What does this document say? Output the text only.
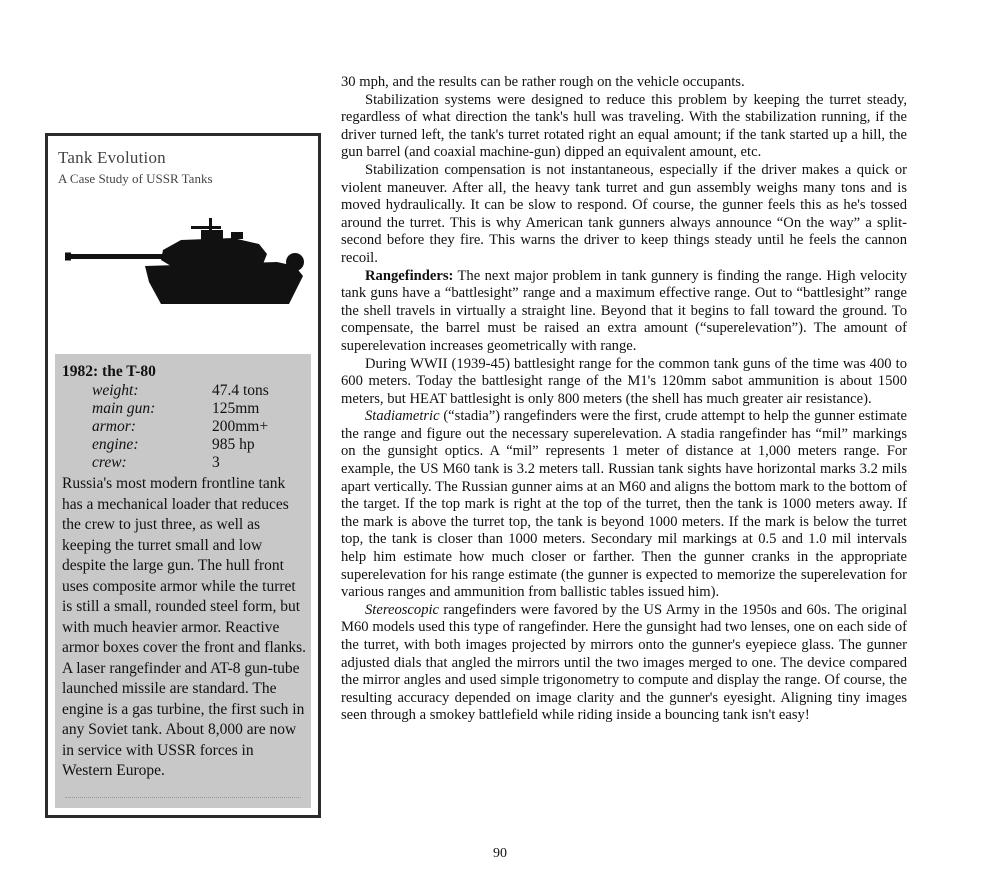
Tank Evolution
A Case Study of USSR Tanks
1982: the T-80
weight:	47.4 tons
main gun:	125mm
armor:	200mm+
engine:	985 hp
crew:	3
Russia's most modern frontline tank has a mechanical loader that reduces the crew to just three, as well as keeping the turret small and low despite the large gun. The hull front uses composite armor while the turret is still a small, rounded steel form, but with much heavier armor. Reactive armor boxes cover the front and flanks. A laser rangefinder and AT-8 gun-tube launched missile are standard. The engine is a gas turbine, the first such in any Soviet tank. About 8,000 are now in service with USSR forces in Western Europe.

30 mph, and the results can be rather rough on the vehicle occupants.

Stabilization systems were designed to reduce this problem by keeping the turret steady, regardless of what direction the tank's hull was traveling. With the stabilization running, if the driver turned left, the tank's turret rotated right an equal amount; if the tank started up a hill, the gun barrel (and coaxial machine-gun) dipped an equivalent amount, etc.

Stabilization compensation is not instantaneous, especially if the driver makes a quick or violent maneuver. After all, the heavy tank turret and gun assembly weighs many tons and is moved hydraulically. It can be slow to respond. Of course, the gunner feels this as he's tossed around the turret. This is why American tank gunners always announce “On the way” a split-second before they fire. This warns the driver to keep things steady until he feels the cannon recoil.

Rangefinders: The next major problem in tank gunnery is finding the range. High velocity tank guns have a “battlesight” range and a maximum effective range. Out to “battlesight” range the shell travels in virtually a straight line. Beyond that it begins to fall toward the ground. To compensate, the barrel must be raised an extra amount (“superelevation”). The amount of superelevation increases geometrically with range.

During WWII (1939-45) battlesight range for the common tank guns of the time was 400 to 600 meters. Today the battlesight range of the M1's 120mm sabot ammunition is about 1500 meters, but HEAT battlesight is only 800 meters (the shell has much greater air resistance).

Stadiametric (“stadia”) rangefinders were the first, crude attempt to help the gunner estimate the range and figure out the necessary superelevation. A stadia rangefinder has “mil” markings on the gunsight optics. A “mil” represents 1 meter of distance at 1,000 meters range. For example, the US M60 tank is 3.2 meters tall. Russian tank sights have horizontal marks 3.2 mils apart vertically. The Russian gunner aims at an M60 and aligns the bottom mark to the bottom of the target. If the top mark is right at the top of the turret, then the tank is 1000 meters away. If the mark is above the turret top, the tank is beyond 1000 meters. If the mark is below the turret top, the tank is closer than 1000 meters. Secondary mil markings at 0.5 and 1.0 mil intervals help him estimate how much closer or farther. Then the gunner cranks in the appropriate superelevation for his range estimate (the gunner is expected to memorize the superelevation for various ranges and ammunition from ballistic tables issued him).

Stereoscopic rangefinders were favored by the US Army in the 1950s and 60s. The original M60 models used this type of rangefinder. Here the gunsight had two lenses, one on each side of the turret, with both images projected by mirrors onto the gunner's eyepiece glass. The gunner adjusted dials that angled the mirrors until the two images merged to one. The device compared the mirror angles and used simple trigonometry to compute and display the range. Of course, the resulting accuracy depended on image clarity and the gunner's eyesight. Aligning tiny images seen through a smokey battlefield while riding inside a bouncing tank isn't easy!

90
